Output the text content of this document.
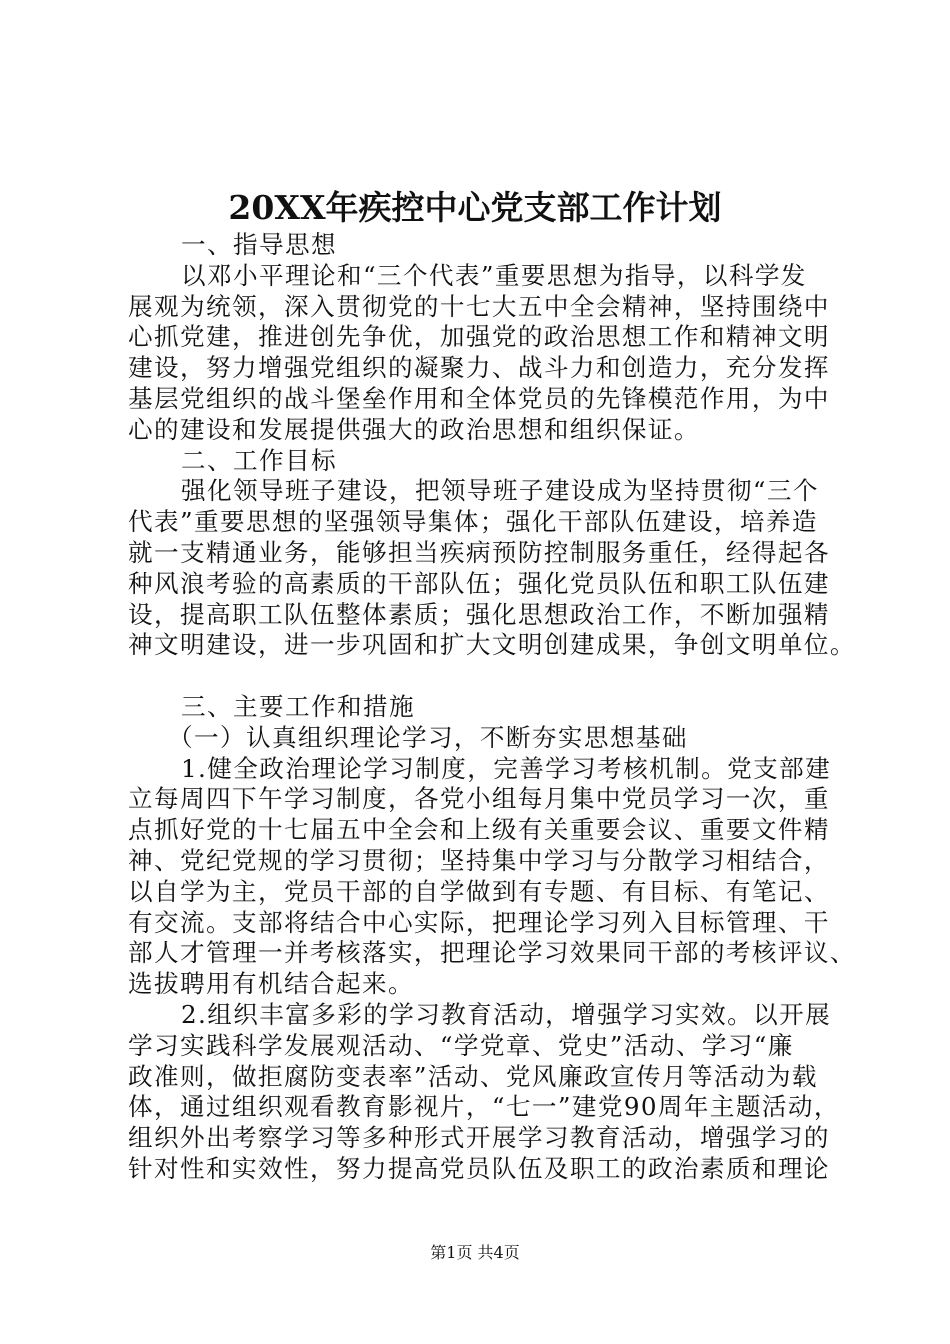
20XX年疾控中心党支部工作计划
一、指导思想
以邓小平理论和“三个代表”重要思想为指导，以科学发
展观为统领，深入贯彻党的十七大五中全会精神，坚持围绕中
心抓党建，推进创先争优，加强党的政治思想工作和精神文明
建设，努力增强党组织的凝聚力、战斗力和创造力，充分发挥
基层党组织的战斗堡垒作用和全体党员的先锋模范作用，为中
心的建设和发展提供强大的政治思想和组织保证。
二、工作目标
强化领导班子建设，把领导班子建设成为坚持贯彻“三个
代表”重要思想的坚强领导集体；强化干部队伍建设，培养造
就一支精通业务，能够担当疾病预防控制服务重任，经得起各
种风浪考验的高素质的干部队伍；强化党员队伍和职工队伍建
设，提高职工队伍整体素质；强化思想政治工作，不断加强精
神文明建设，进一步巩固和扩大文明创建成果，争创文明单位。
三、主要工作和措施
（一）认真组织理论学习，不断夯实思想基础
1.健全政治理论学习制度，完善学习考核机制。党支部建
立每周四下午学习制度，各党小组每月集中党员学习一次，重
点抓好党的十七届五中全会和上级有关重要会议、重要文件精
神、党纪党规的学习贯彻；坚持集中学习与分散学习相结合，
以自学为主，党员干部的自学做到有专题、有目标、有笔记、
有交流。支部将结合中心实际，把理论学习列入目标管理、干
部人才管理一并考核落实，把理论学习效果同干部的考核评议、
选拔聘用有机结合起来。
2.组织丰富多彩的学习教育活动，增强学习实效。以开展
学习实践科学发展观活动、“学党章、党史”活动、学习“廉
政准则，做拒腐防变表率”活动、党风廉政宣传月等活动为载
体，通过组织观看教育影视片，“七一”建党90周年主题活动，
组织外出考察学习等多种形式开展学习教育活动，增强学习的
针对性和实效性，努力提高党员队伍及职工的政治素质和理论
第1页 共4页
